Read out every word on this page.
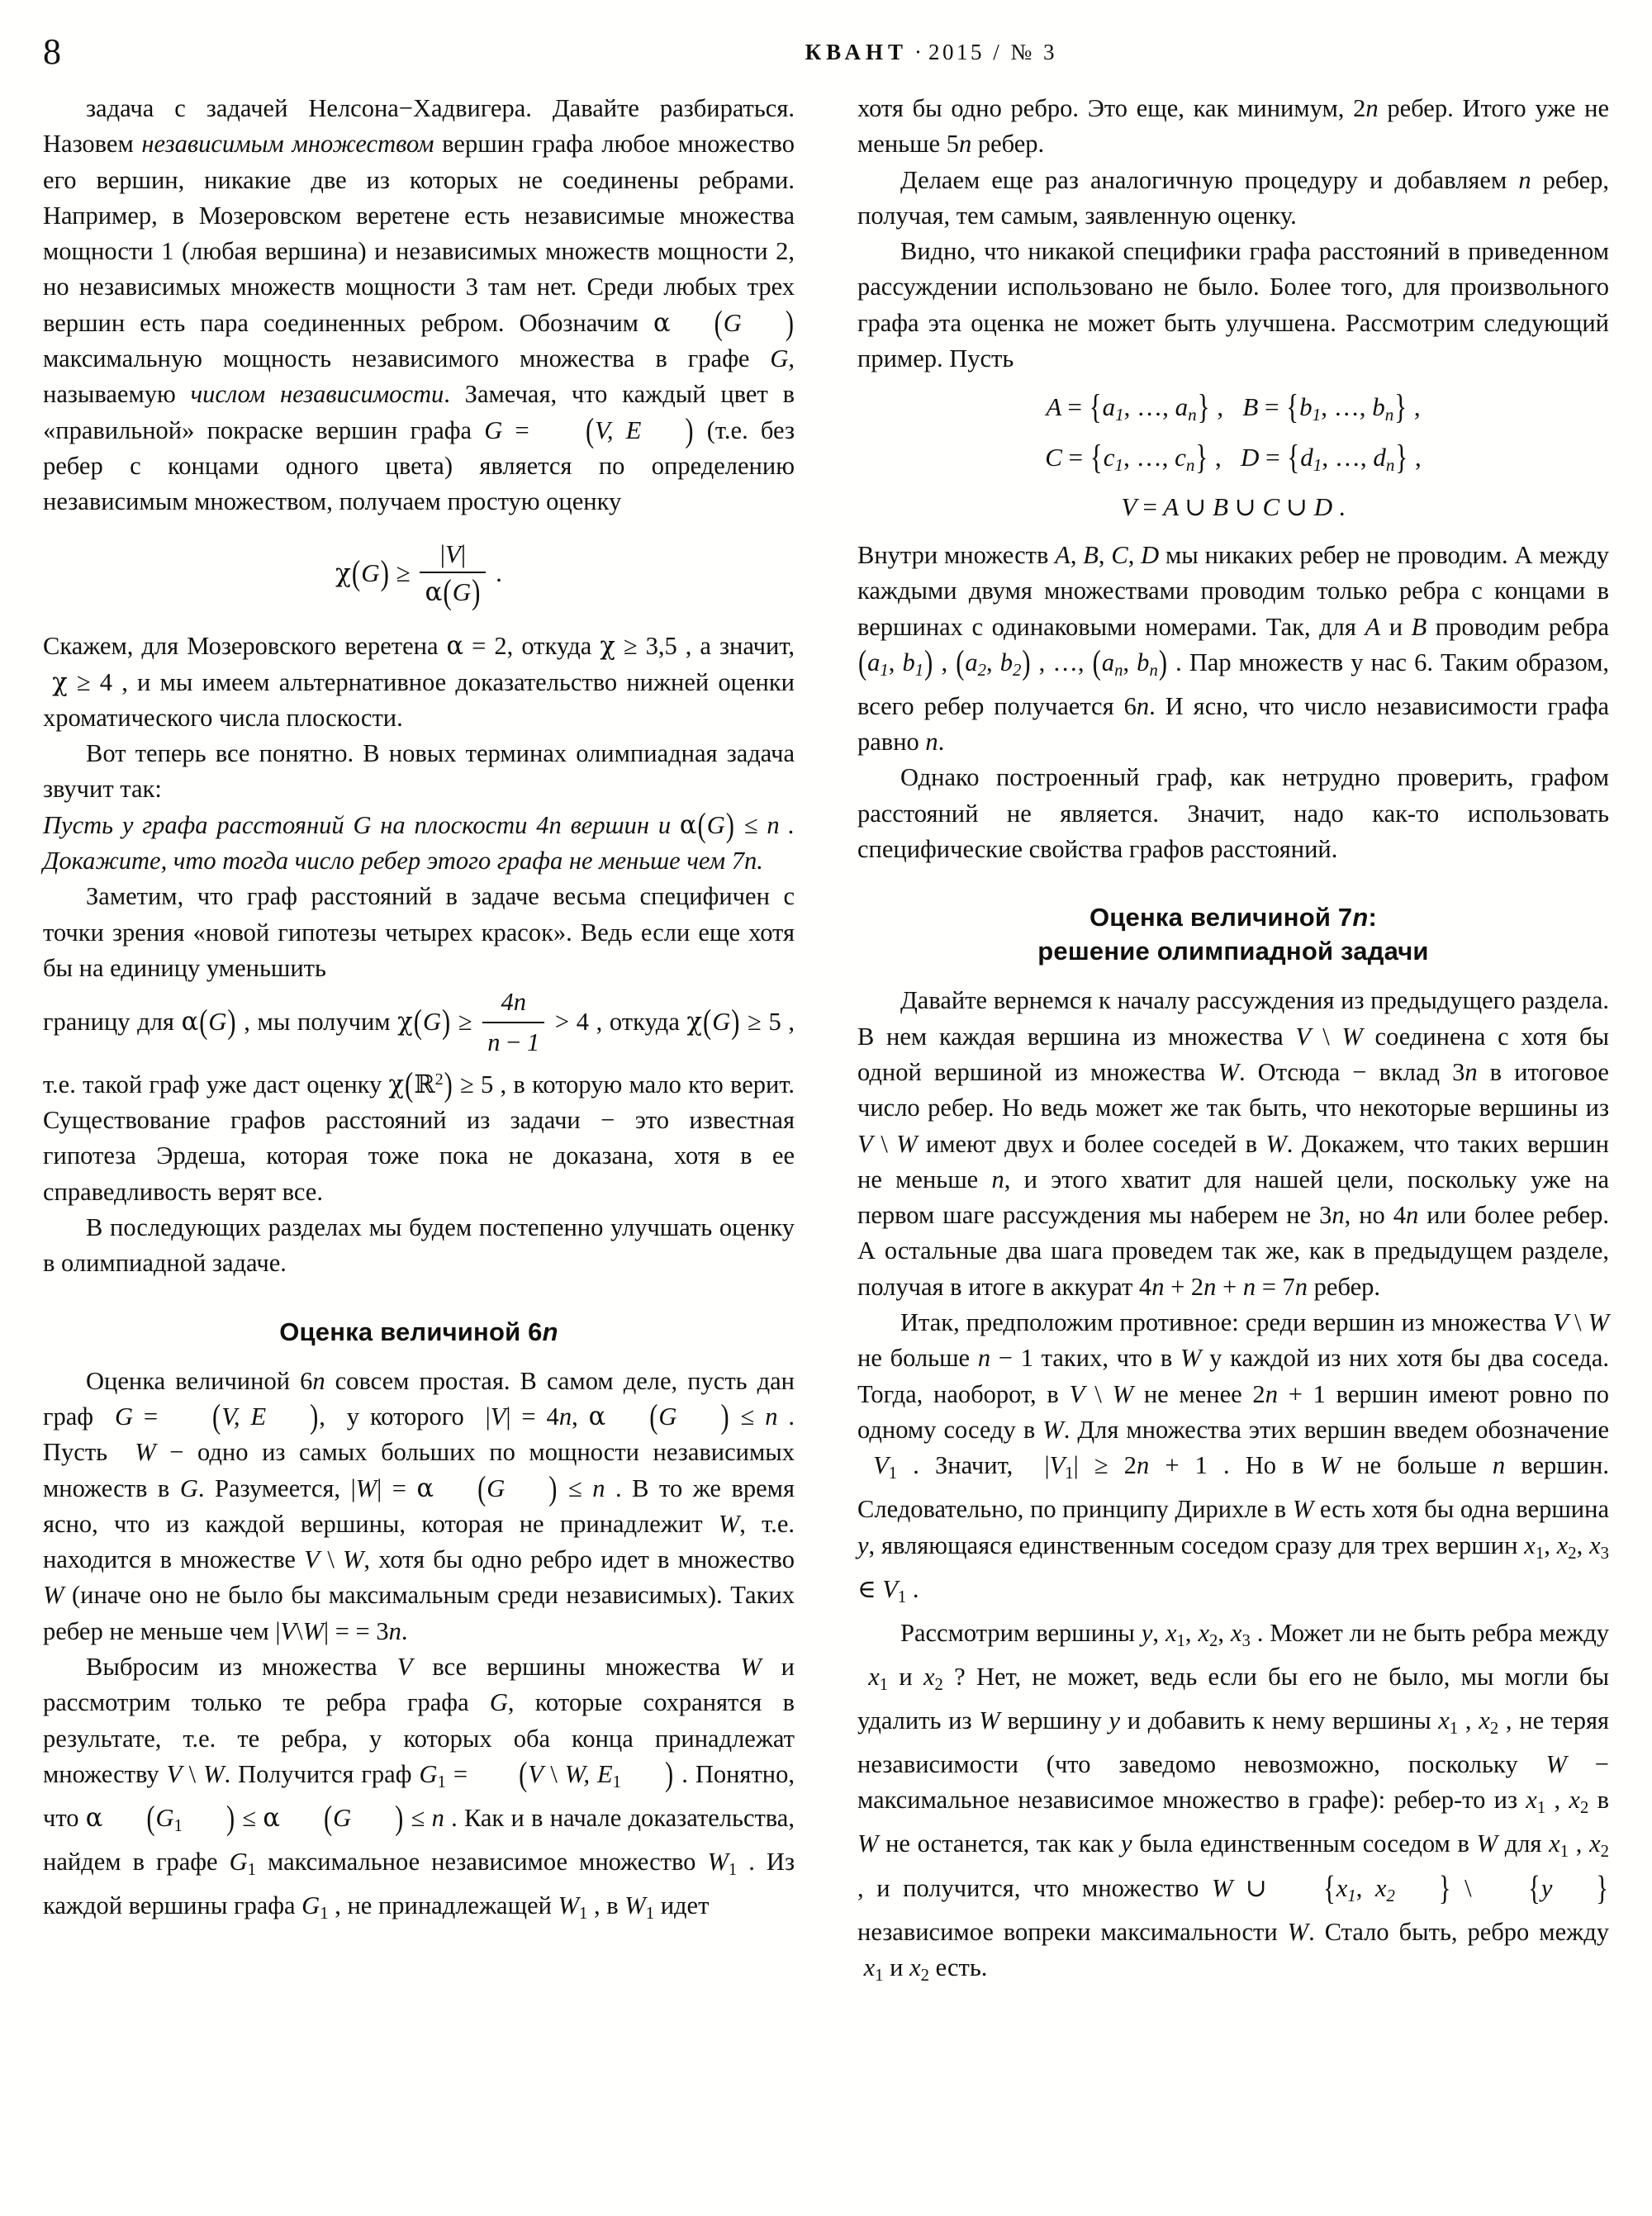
8	КВАНТ · 2015 / № 3

задача с задачей Нелсона−Хадвигера. Давайте разбираться. Назовем независимым множеством вершин графа любое множество его вершин, никакие две из которых не соединены ребрами. Например, в Мозеровском веретене есть независимые множества мощности 1 (любая вершина) и независимых множеств мощности 2, но независимых множеств мощности 3 там нет. Среди любых трех вершин есть пара соединенных ребром. Обозначим α (G ) максимальную мощность независимого множества в графе G, называемую числом независимости. Замечая, что каждый цвет в «правильной» покраске вершин графа G = (V, E ) (т.е. без ребер с концами одного цвета) является по определению независимым множеством, получаем простую оценку

$\chi(G) \ge \frac{|V|}{\alpha(G)}$ .

Скажем, для Мозеровского веретена α = 2, откуда χ ≥ 3,5 , а значит,  χ ≥ 4 , и мы имеем альтернативное доказательство нижней оценки хроматического числа плоскости.

Вот теперь все понятно. В новых терминах олимпиадная задача звучит так:

Пусть у графа расстояний G на плоскости 4n вершин и α(G) ≤ n . Докажите, что тогда число ребер этого графа не меньше чем 7n.

Заметим, что граф расстояний в задаче весьма специфичен с точки зрения «новой гипотезы четырех красок». Ведь если еще хотя бы на единицу уменьшить

границу для α(G) , мы получим $\chi(G) \ge \frac{4n}{n - 1} > 4$ , откуда χ(G) ≥ 5 , т.е. такой граф уже даст оценку χ(ℝ$^2$) ≥ 5 , в которую мало кто верит. Существование графов расстояний из задачи − это известная гипотеза Эрдеша, которая тоже пока не доказана, хотя в ее справедливость верят все.

В последующих разделах мы будем постепенно улучшать оценку в олимпиадной задаче.

Оценка величиной 6n

Оценка величиной 6n совсем простая. В самом деле, пусть дан граф  G = (V, E ),  у которого  |V| = 4n, α (G ) ≤ n . Пусть  W − одно из самых больших по мощности независимых множеств в G. Разумеется, |W| = α (G ) ≤ n . В то же время ясно, что из каждой вершины, которая не принадлежит W, т.е. находится в множестве V \ W, хотя бы одно ребро идет в множество W (иначе оно не было бы максимальным среди независимых). Таких ребер не меньше чем |V\W| = = 3n.

Выбросим из множества V все вершины множества W и рассмотрим только те ребра графа G, которые сохранятся в результате, т.е. те ребра, у которых оба конца принадлежат множеству V \ W. Получится граф G1 = (V \ W, E1 ) . Понятно, что α (G1 ) ≤ α (G ) ≤ n . Как и в начале доказательства, найдем в графе G1 максимальное независимое множество W1 . Из каждой вершины графа G1 , не принадлежащей W1 , в W1 идет

хотя бы одно ребро. Это еще, как минимум, 2n ребер. Итого уже не меньше 5n ребер.

Делаем еще раз аналогичную процедуру и добавляем n ребер, получая, тем самым, заявленную оценку.

Видно, что никакой специфики графа расстояний в приведенном рассуждении использовано не было. Более того, для произвольного графа эта оценка не может быть улучшена. Рассмотрим следующий пример. Пусть

$A = \{a_1$, …, $a_n$} , $B = \{b_1$, …, $b_n$} ,
$C = \{c_1$, …, $c_n$} , $D = \{d_1$, …, $d_n$} ,
V = A ∪ B ∪ C ∪ D .

Внутри множеств A, B, C, D мы никаких ребер не проводим. А между каждыми двумя множествами проводим только ребра с концами в вершинах с одинаковыми номерами. Так, для A и B проводим ребра ($a_1$, $b_1$) , ($a_2$, $b_2$) , …, ($a_n$, $b_n$) . Пар множеств у нас 6. Таким образом, всего ребер получается 6n. И ясно, что число независимости графа равно n.

Однако построенный граф, как нетрудно проверить, графом расстояний не является. Значит, надо как-то использовать специфические свойства графов расстояний.

Оценка величиной 7n:
решение олимпиадной задачи

Давайте вернемся к началу рассуждения из предыдущего раздела. В нем каждая вершина из множества V \ W соединена с хотя бы одной вершиной из множества W. Отсюда − вклад 3n в итоговое число ребер. Но ведь может же так быть, что некоторые вершины из V \ W имеют двух и более соседей в W. Докажем, что таких вершин не меньше n, и этого хватит для нашей цели, поскольку уже на первом шаге рассуждения мы наберем не 3n, но 4n или более ребер. А остальные два шага проведем так же, как в предыдущем разделе, получая в итоге в аккурат 4n + 2n + n = 7n ребер.

Итак, предположим противное: среди вершин из множества V \ W не больше n − 1 таких, что в W у каждой из них хотя бы два соседа. Тогда, наоборот, в V \ W не менее 2n + 1 вершин имеют ровно по одному соседу в W. Для множества этих вершин введем обозначение  V1 . Значит,  |V1| ≥ 2n + 1 . Но в W не больше n вершин. Следовательно, по принципу Дирихле в W есть хотя бы одна вершина y, являющаяся единственным соседом сразу для трех вершин x1, x2, x3 ∈ V1 .

Рассмотрим вершины y, x1, x2, x3 . Может ли не быть ребра между  x1 и x2 ? Нет, не может, ведь если бы его не было, мы могли бы удалить из W вершину y и добавить к нему вершины x1 , x2 , не теряя независимости (что заведомо невозможно, поскольку W − максимальное независимое множество в графе): ребер-то из x1 , x2 в W не останется, так как y была единственным соседом в W для x1 , x2 , и получится, что множество W ∪ {$x_1$, $x_2$ } \ {y } независимое вопреки максимальности W. Стало быть, ребро между  x1 и x2 есть.
